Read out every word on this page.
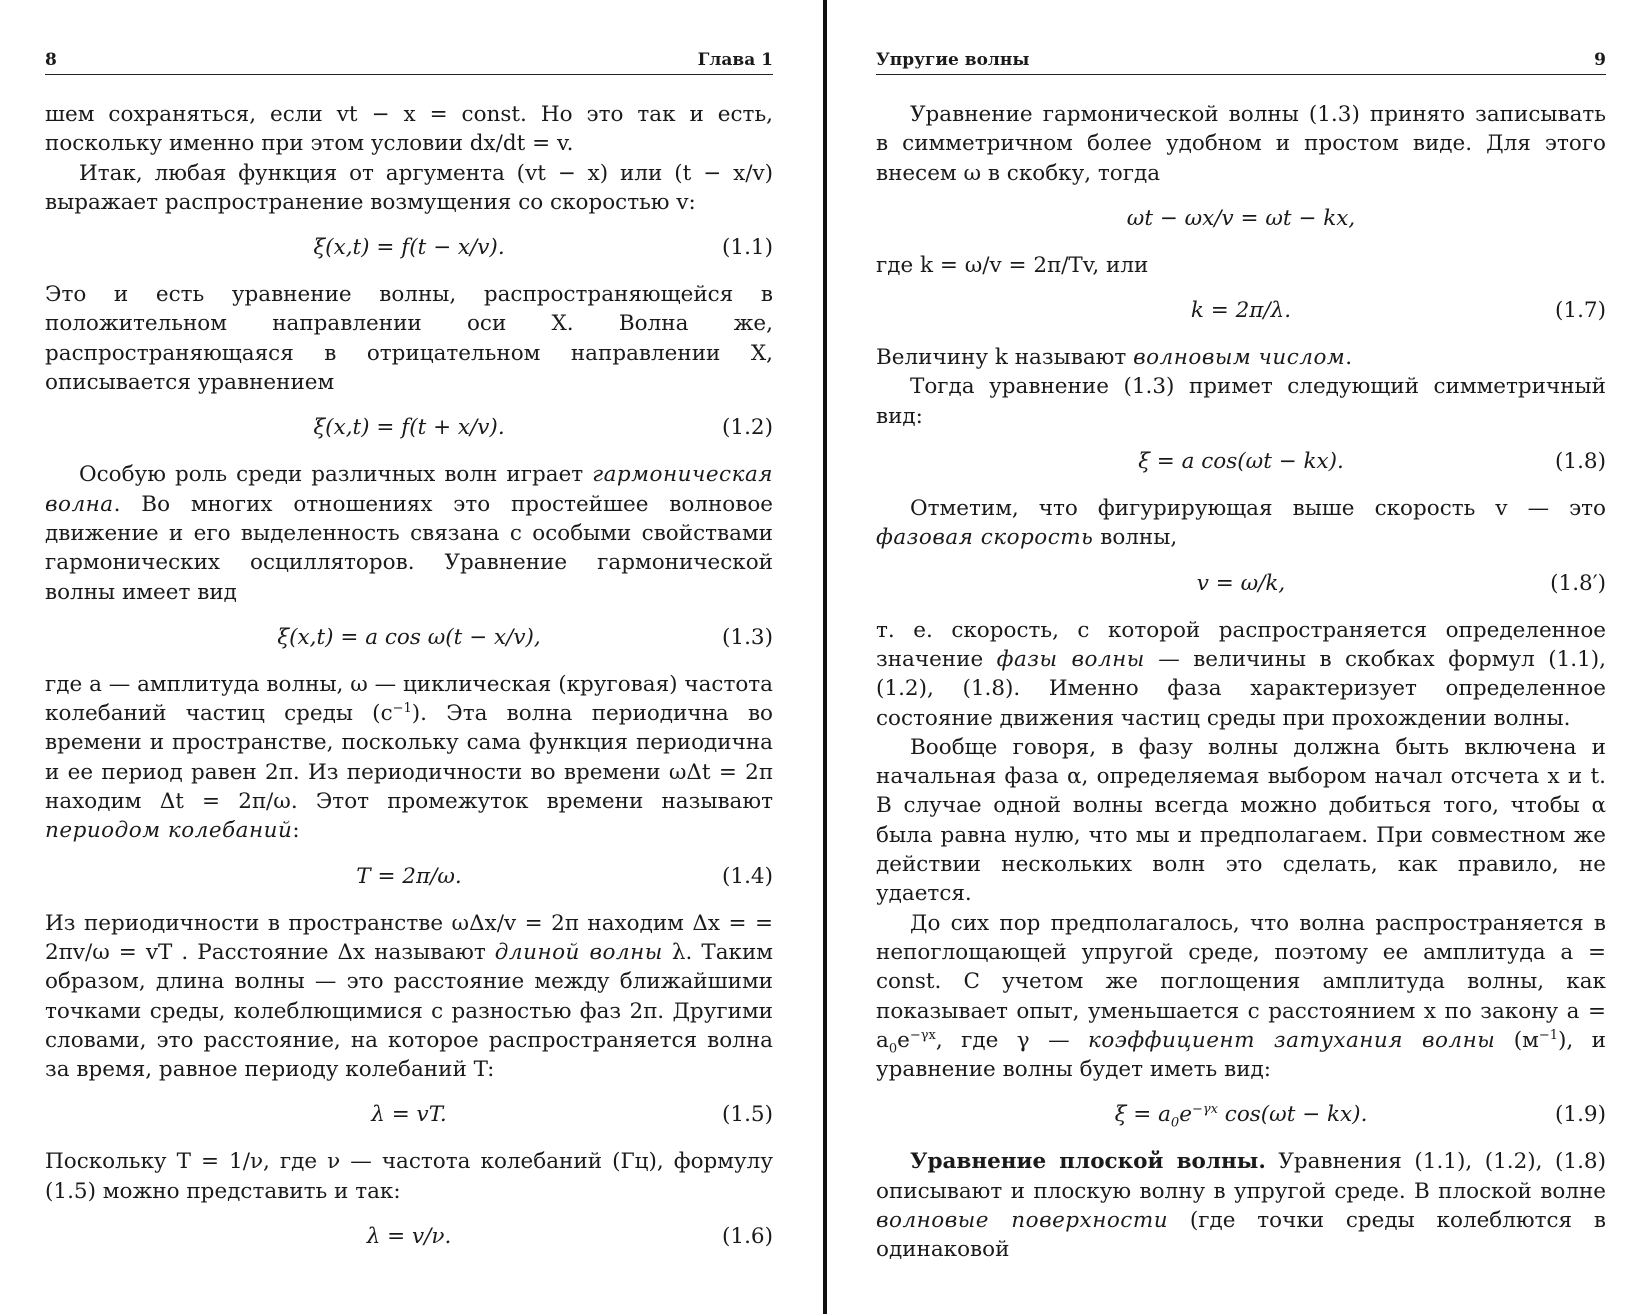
8	Глава 1

шем сохраняться, если vt − x = const. Но это так и есть, поскольку именно при этом условии dx/dt = v.

Итак, любая функция от аргумента (vt − x) или (t − x/v) выражает распространение возмущения со скоростью v:

ξ(x,t) = f(t − x/v).	(1.1)

Это и есть уравнение волны, распространяющейся в положительном направлении оси X. Волна же, распространяющаяся в отрицательном направлении X, описывается уравнением

ξ(x,t) = f(t + x/v).	(1.2)

Особую роль среди различных волн играет гармоническая волна. Во многих отношениях это простейшее волновое движение и его выделенность связана с особыми свойствами гармонических осцилляторов. Уравнение гармонической волны имеет вид

ξ(x,t) = a cos ω(t − x/v),	(1.3)

где a — амплитуда волны, ω — циклическая (круговая) частота колебаний частиц среды $(с^{-1})$. Эта волна периодична во времени и пространстве, поскольку сама функция периодична и ее период равен 2π. Из периодичности во времени ωΔt = 2π находим Δt = 2π/ω. Этот промежуток времени называют периодом колебаний:

T = 2π/ω.	(1.4)

Из периодичности в пространстве ωΔx/v = 2π находим Δx = = 2πv/ω = vT . Расстояние Δx называют длиной волны λ. Таким образом, длина волны — это расстояние между ближайшими точками среды, колеблющимися с разностью фаз 2π. Другими словами, это расстояние, на которое распространяется волна за время, равное периоду колебаний T:

λ = vT.	(1.5)

Поскольку T = 1/ν, где ν — частота колебаний (Гц), формулу (1.5) можно представить и так:

λ = v/ν.	(1.6)
Упругие волны	9

Уравнение гармонической волны (1.3) принято записывать в симметричном более удобном и простом виде. Для этого внесем ω в скобку, тогда

ωt − ωx/v = ωt − kx,

где k = ω/v = 2π/Tv, или

k = 2π/λ.	(1.7)

Величину k называют волновым числом.

Тогда уравнение (1.3) примет следующий симметричный вид:

ξ = a cos(ωt − kx).	(1.8)

Отметим, что фигурирующая выше скорость v — это фазовая скорость волны,

v = ω/k,	(1.8′)

т. е. скорость, с которой распространяется определенное значение фазы волны — величины в скобках формул (1.1), (1.2), (1.8). Именно фаза характеризует определенное состояние движения частиц среды при прохождении волны.

Вообще говоря, в фазу волны должна быть включена и начальная фаза α, определяемая выбором начал отсчета x и t. В случае одной волны всегда можно добиться того, чтобы α была равна нулю, что мы и предполагаем. При совместном же действии нескольких волн это сделать, как правило, не удается.

До сих пор предполагалось, что волна распространяется в непоглощающей упругой среде, поэтому ее амплитуда a = const. С учетом же поглощения амплитуда волны, как показывает опыт, уменьшается с расстоянием x по закону $a = a_0e^{-\gamma x}$, где γ — коэффициент затухания волны $(м^{-1})$, и уравнение волны будет иметь вид:

$\xi = a_0e^{-\gamma x}$ cos(ωt − kx).	(1.9)

Уравнение плоской волны. Уравнения (1.1), (1.2), (1.8) описывают и плоскую волну в упругой среде. В плоской волне волновые поверхности (где точки среды колеблются в одинаковой
